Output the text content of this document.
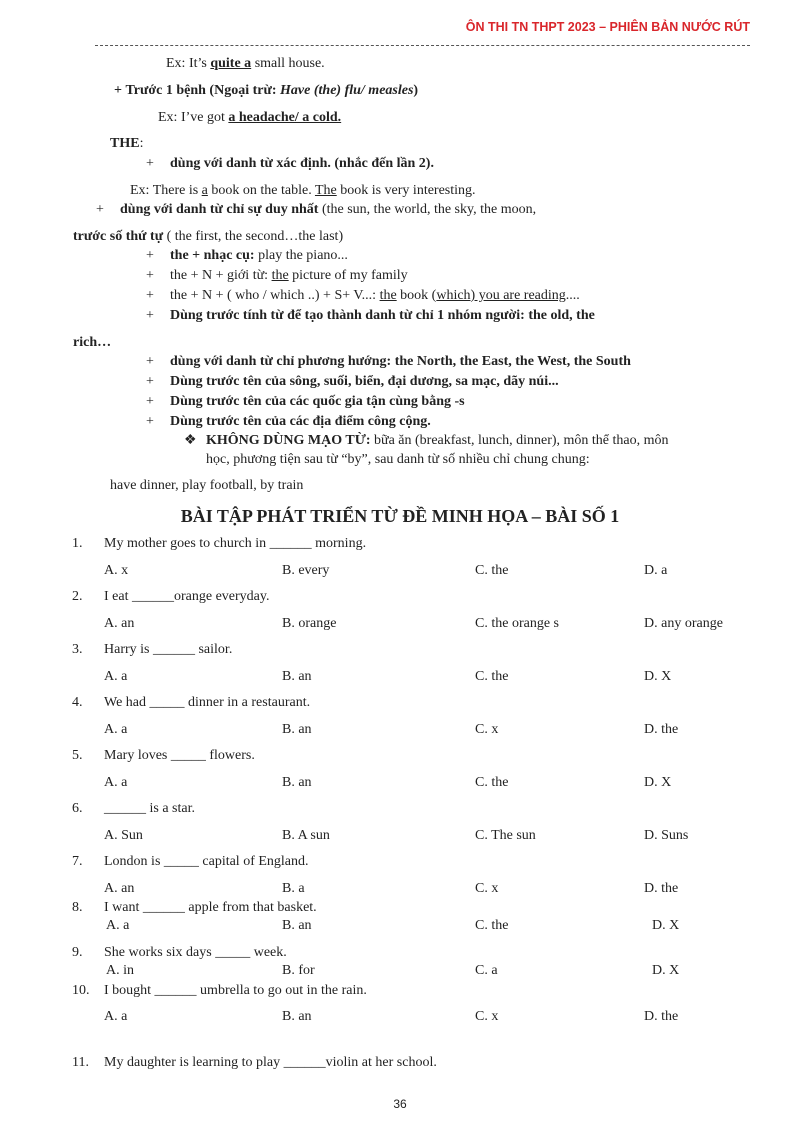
ÔN THI TN THPT 2023 – PHIÊN BẢN NƯỚC RÚT
Ex: It’s quite a small house.
+ Trước 1 bệnh (Ngoại trừ: Have (the) flu/ measles)
Ex: I’ve got a headache/ a cold.
THE:
+ dùng với danh từ xác định. (nhắc đến lần 2).
Ex: There is a book on the table. The book is very interesting.
+ dùng với danh từ chỉ sự duy nhất (the sun, the world, the sky, the moon,
trước số thứ tự ( the first, the second…the last)
+ the + nhạc cụ: play the piano...
+ the + N + giới từ: the picture of my family
+ the + N + ( who / which ..) + S+ V...: the book (which) you are reading....
+ Dùng trước tính từ để tạo thành danh từ chỉ 1 nhóm người: the old, the
rich…
+ dùng với danh từ chỉ phương hướng: the North, the East, the West, the South
+ Dùng trước tên của sông, suối, biển, đại dương, sa mạc, dãy núi...
+ Dùng trước tên của các quốc gia tận cùng bằng -s
+ Dùng trước tên của các địa điểm công cộng.
❖ KHÔNG DÙNG MẠO TỪ: bữa ăn (breakfast, lunch, dinner), môn thể thao, môn
học, phương tiện sau từ “by”, sau danh từ số nhiều chỉ chung chung:
have dinner, play football, by train
BÀI TẬP PHÁT TRIỂN TỪ ĐỀ MINH HỌA – BÀI SỐ 1
1. My mother goes to church in ______ morning.
A. x	B. every	C. the	D. a
2. I eat ______orange everyday.
A. an	B. orange	C. the orange s	D. any orange
3. Harry is ______ sailor.
A. a	B. an	C. the	D. X
4. We had _____ dinner in a restaurant.
A. a	B. an	C. x	D. the
5. Mary loves _____ flowers.
A. a	B. an	C. the	D. X
6. ______ is a star.
A. Sun	B. A sun	C. The sun	D. Suns
7. London is _____ capital of England.
A. an	B. a	C. x	D. the
8. I want ______ apple from that basket.
A. a	B. an	C. the	D. X
9. She works six days _____ week.
A. in	B. for	C. a	D. X
10. I bought ______ umbrella to go out in the rain.
A. a	B. an	C. x	D. the
11. My daughter is learning to play ______violin at her school.
36
